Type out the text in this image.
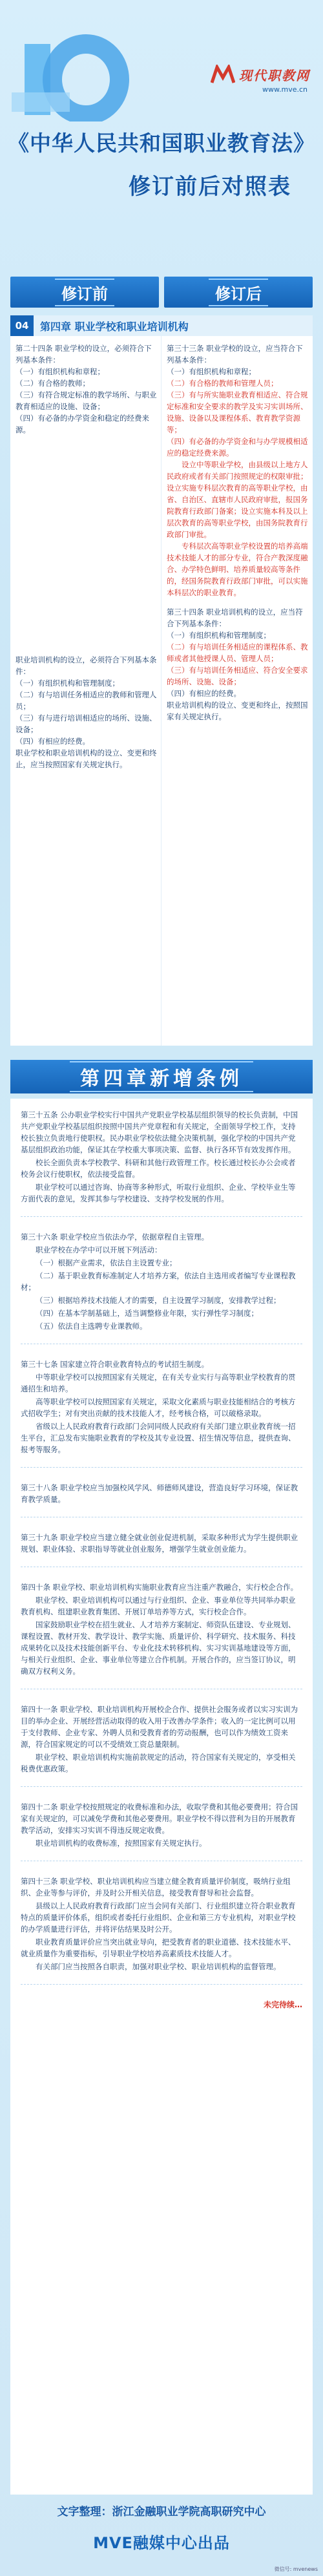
现代职教网
www.mve.cn
《中华人民共和国职业教育法》
修订前后对照表
修订前	修订后
04	第四章 职业学校和职业培训机构
第二十四条 职业学校的设立，必须符合下列基本条件：
（一）有组织机构和章程；
（二）有合格的教师；
（三）有符合规定标准的教学场所、与职业教育相适应的设施、设备；
（四）有必备的办学资金和稳定的经费来源。
职业培训机构的设立，必须符合下列基本条件：
（一）有组织机构和管理制度；
（二）有与培训任务相适应的教师和管理人员；
（三）有与进行培训相适应的场所、设施、设备；
（四）有相应的经费。
职业学校和职业培训机构的设立、变更和终止，应当按照国家有关规定执行。
第三十三条 职业学校的设立，应当符合下列基本条件：
（一）有组织机构和章程；
（二）有合格的教师和管理人员；
（三）有与所实施职业教育相适应、符合规定标准和安全要求的教学及实习实训场所、设施、设备以及课程体系、教育教学资源等；
（四）有必备的办学资金和与办学规模相适应的稳定经费来源。
设立中等职业学校，由县级以上地方人民政府或者有关部门按照规定的权限审批；设立实施专科层次教育的高等职业学校，由省、自治区、直辖市人民政府审批，报国务院教育行政部门备案；设立实施本科及以上层次教育的高等职业学校，由国务院教育行政部门审批。
专科层次高等职业学校设置的培养高端技术技能人才的部分专业，符合产教深度融合、办学特色鲜明、培养质量较高等条件的，经国务院教育行政部门审批，可以实施本科层次的职业教育。
第三十四条 职业培训机构的设立，应当符合下列基本条件：
（一）有组织机构和管理制度；
（二）有与培训任务相适应的课程体系、教师或者其他授课人员、管理人员；
（三）有与培训任务相适应、符合安全要求的场所、设施、设备；
（四）有相应的经费。
职业培训机构的设立、变更和终止，按照国家有关规定执行。
第四章新增条例

第三十五条 公办职业学校实行中国共产党职业学校基层组织领导的校长负责制，中国共产党职业学校基层组织按照中国共产党章程和有关规定，全面领导学校工作，支持校长独立负责地行使职权。民办职业学校依法健全决策机制，强化学校的中国共产党基层组织政治功能，保证其在学校重大事项决策、监督、执行各环节有效发挥作用。

校长全面负责本学校教学、科研和其他行政管理工作。校长通过校长办公会或者校务会议行使职权，依法接受监督。

职业学校可以通过咨询、协商等多种形式，听取行业组织、企业、学校毕业生等方面代表的意见，发挥其参与学校建设、支持学校发展的作用。

第三十六条 职业学校应当依法办学，依据章程自主管理。

职业学校在办学中可以开展下列活动：

（一）根据产业需求，依法自主设置专业；

（二）基于职业教育标准制定人才培养方案，依法自主选用或者编写专业课程教材；

（三）根据培养技术技能人才的需要，自主设置学习制度，安排教学过程；

（四）在基本学制基础上，适当调整修业年限，实行弹性学习制度；

（五）依法自主选聘专业课教师。

第三十七条 国家建立符合职业教育特点的考试招生制度。

中等职业学校可以按照国家有关规定，在有关专业实行与高等职业学校教育的贯通招生和培养。

高等职业学校可以按照国家有关规定，采取文化素质与职业技能相结合的考核方式招收学生；对有突出贡献的技术技能人才，经考核合格，可以破格录取。

省级以上人民政府教育行政部门会同同级人民政府有关部门建立职业教育统一招生平台，汇总发布实施职业教育的学校及其专业设置、招生情况等信息，提供查询、报考等服务。

第三十八条 职业学校应当加强校风学风、师德师风建设，营造良好学习环境，保证教育教学质量。

第三十九条 职业学校应当建立健全就业创业促进机制，采取多种形式为学生提供职业规划、职业体验、求职指导等就业创业服务，增强学生就业创业能力。

第四十条 职业学校、职业培训机构实施职业教育应当注重产教融合，实行校企合作。

职业学校、职业培训机构可以通过与行业组织、企业、事业单位等共同举办职业教育机构、组建职业教育集团、开展订单培养等方式，实行校企合作。

国家鼓励职业学校在招生就业、人才培养方案制定、师资队伍建设、专业规划、课程设置、教材开发、教学设计、教学实施、质量评价、科学研究、技术服务、科技成果转化以及技术技能创新平台、专业化技术转移机构、实习实训基地建设等方面，与相关行业组织、企业、事业单位等建立合作机制。开展合作的，应当签订协议，明确双方权利义务。

第四十一条 职业学校、职业培训机构开展校企合作、提供社会服务或者以实习实训为目的举办企业、开展经营活动取得的收入用于改善办学条件；收入的一定比例可以用于支付教师、企业专家、外聘人员和受教育者的劳动报酬，也可以作为绩效工资来源，符合国家规定的可以不受绩效工资总量限制。

职业学校、职业培训机构实施前款规定的活动，符合国家有关规定的，享受相关税费优惠政策。

第四十二条 职业学校按照规定的收费标准和办法，收取学费和其他必要费用；符合国家有关规定的，可以减免学费和其他必要费用。职业学校不得以营利为目的开展教育教学活动，安排实习实训不得违反规定收费。

职业培训机构的收费标准，按照国家有关规定执行。

第四十三条 职业学校、职业培训机构应当建立健全教育质量评价制度，吸纳行业组织、企业等参与评价，并及时公开相关信息，接受教育督导和社会监督。

县级以上人民政府教育行政部门应当会同有关部门、行业组织建立符合职业教育特点的质量评价体系，组织或者委托行业组织、企业和第三方专业机构，对职业学校的办学质量进行评估，并将评估结果及时公开。

职业教育质量评价应当突出就业导向，把受教育者的职业道德、技术技能水平、就业质量作为重要指标，引导职业学校培养高素质技术技能人才。

有关部门应当按照各自职责，加强对职业学校、职业培训机构的监督管理。

未完待续…
文字整理：浙江金融职业学院高职研究中心
MVE融媒中心出品
微信号: mvenews
